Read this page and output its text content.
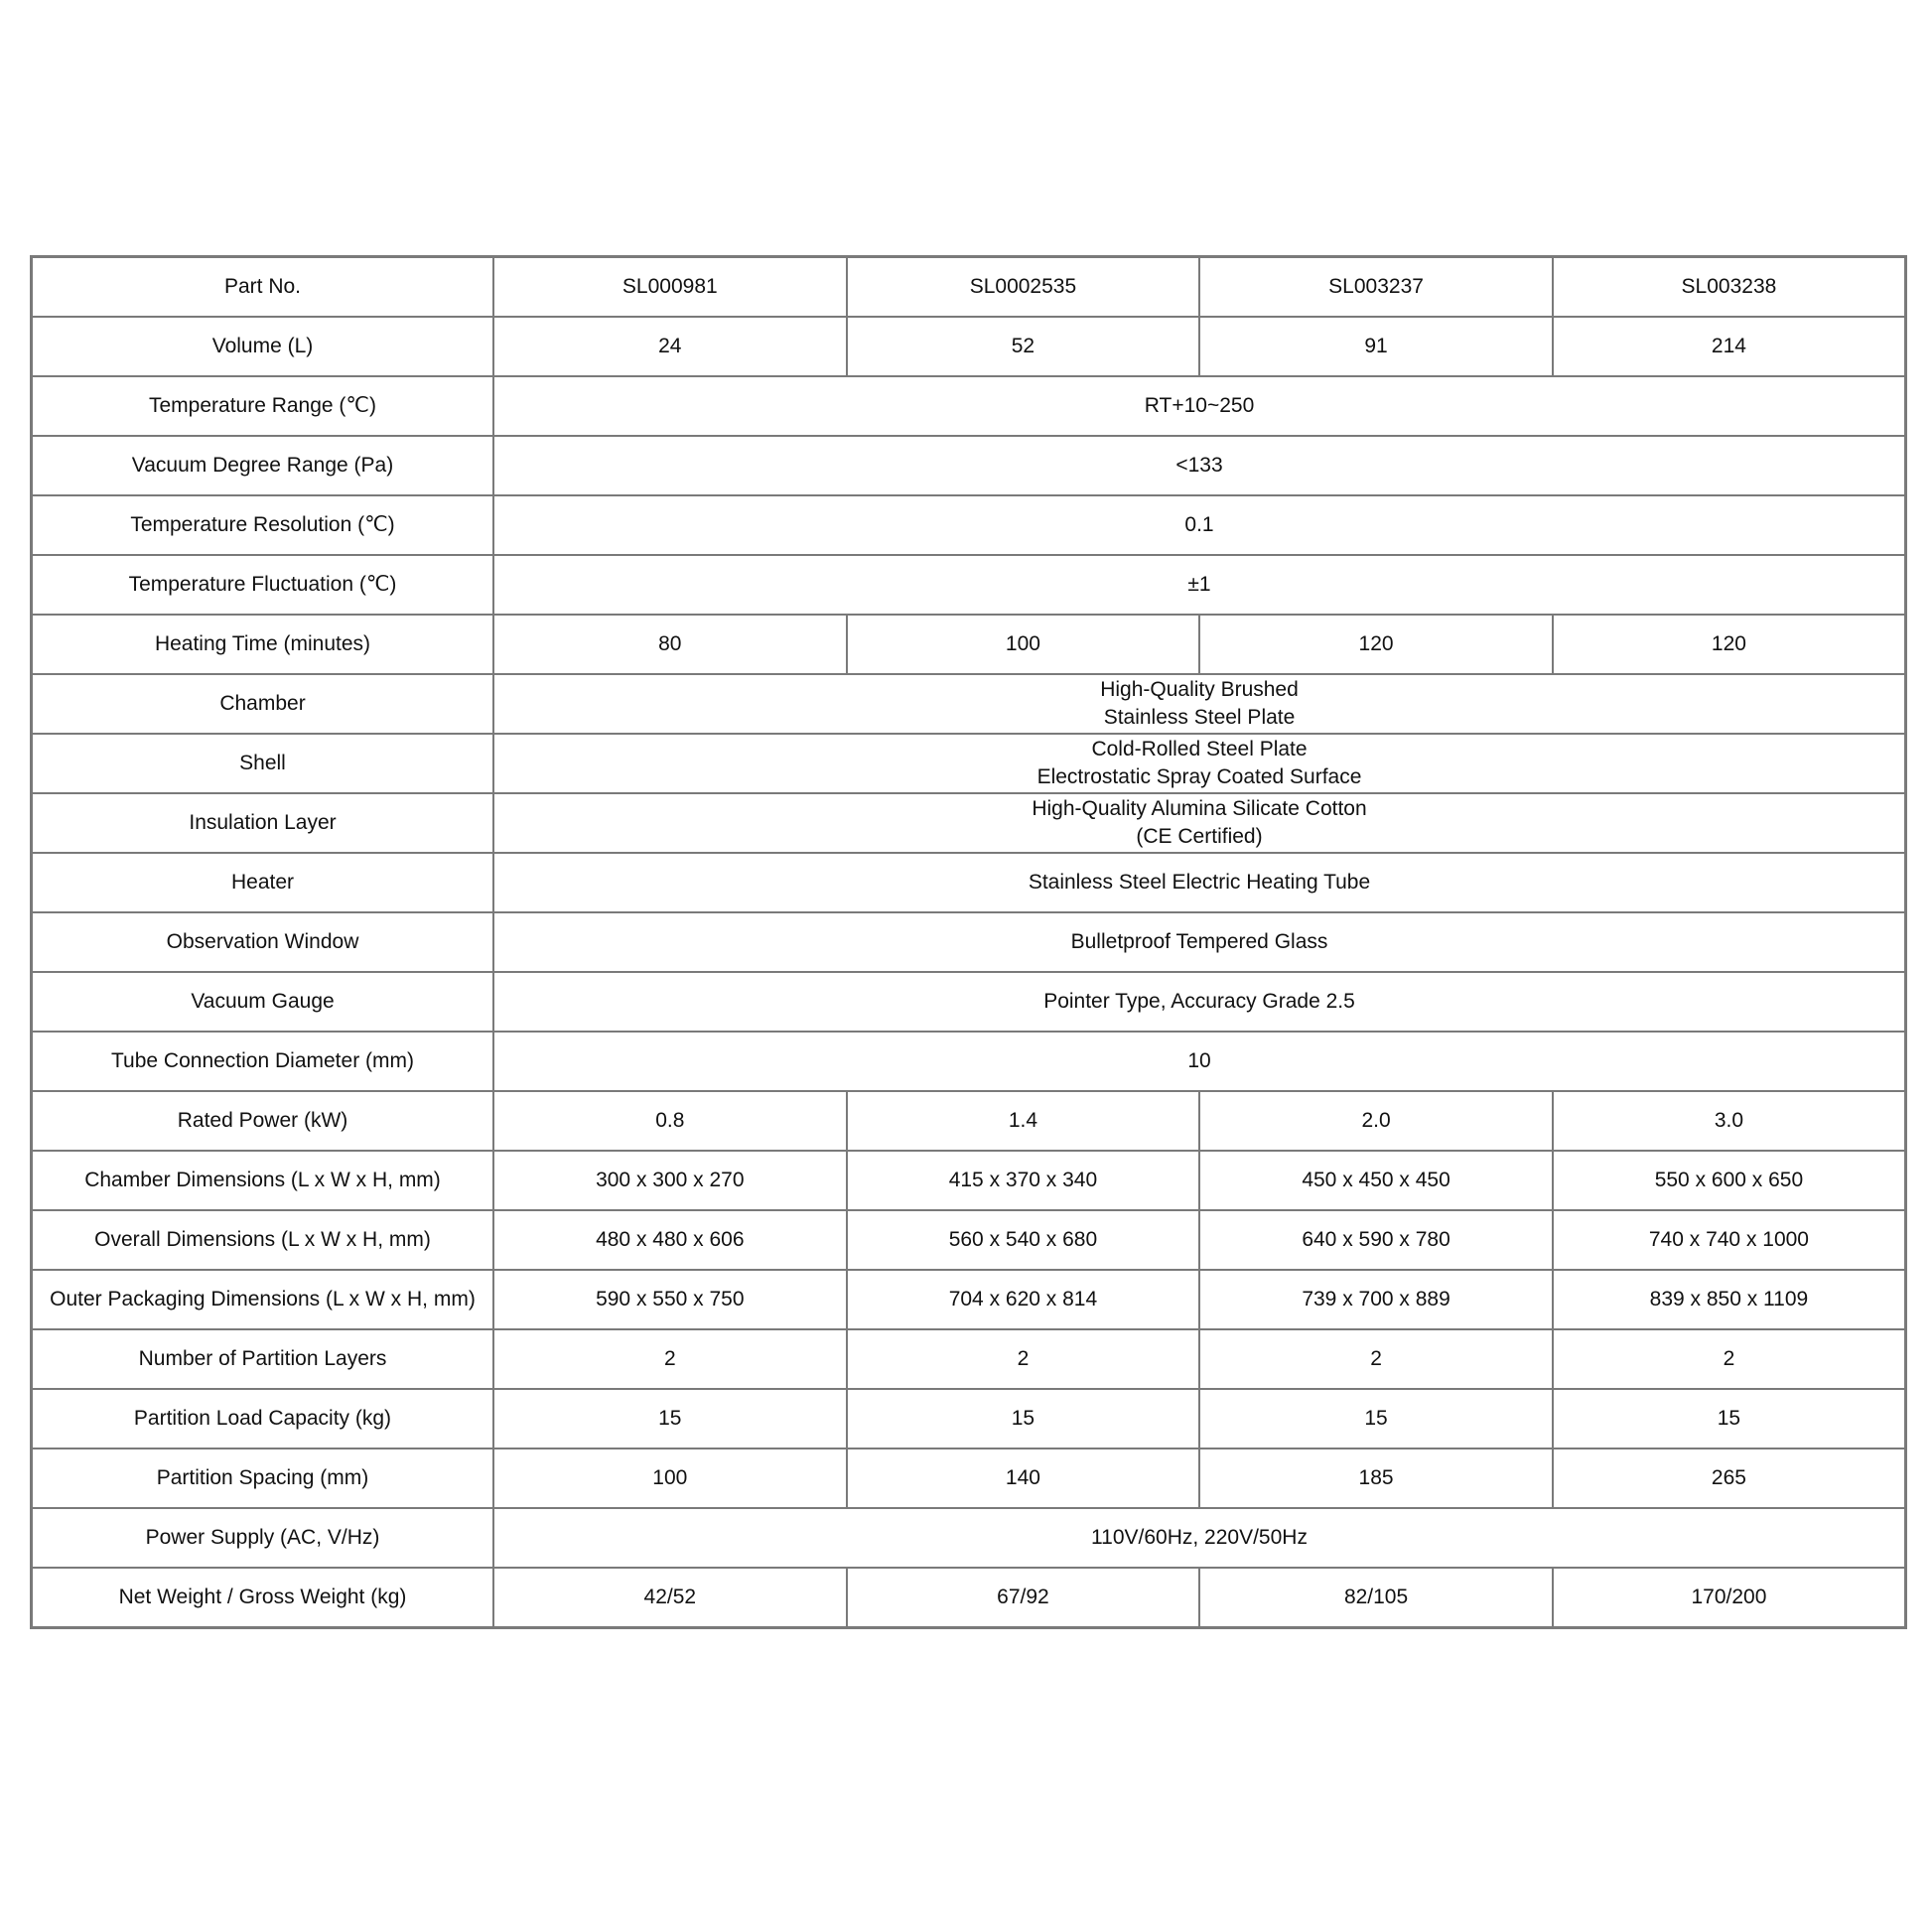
Part No.	SL000981	SL0002535	SL003237	SL003238
Volume (L)	24	52	91	214
Temperature Range (℃)	RT+10~250			

Vacuum Degree Range (Pa)	<133			

Temperature Resolution (℃)	0.1			

Temperature Fluctuation (℃)	±1			

Heating Time (minutes)	80	100	120	120
Chamber	High-Quality Brushed
Stainless Steel Plate			

Shell	Cold-Rolled Steel Plate
Electrostatic Spray Coated Surface			

Insulation Layer	High-Quality Alumina Silicate Cotton
(CE Certified)			

Heater	Stainless Steel Electric Heating Tube			

Observation Window	Bulletproof Tempered Glass			

Vacuum Gauge	Pointer Type, Accuracy Grade 2.5			

Tube Connection Diameter (mm)	10			

Rated Power (kW)	0.8	1.4	2.0	3.0
Chamber Dimensions (L x W x H, mm)	300 x 300 x 270	415 x 370 x 340	450 x 450 x 450	550 x 600 x 650
Overall Dimensions (L x W x H, mm)	480 x 480 x 606	560 x 540 x 680	640 x 590 x 780	740 x 740 x 1000
Outer Packaging Dimensions (L x W x H, mm)	590 x 550 x 750	704 x 620 x 814	739 x 700 x 889	839 x 850 x 1109
Number of Partition Layers	2	2	2	2
Partition Load Capacity (kg)	15	15	15	15
Partition Spacing (mm)	100	140	185	265
Power Supply (AC, V/Hz)	110V/60Hz, 220V/50Hz			

Net Weight / Gross Weight (kg)	42/52	67/92	82/105	170/200
